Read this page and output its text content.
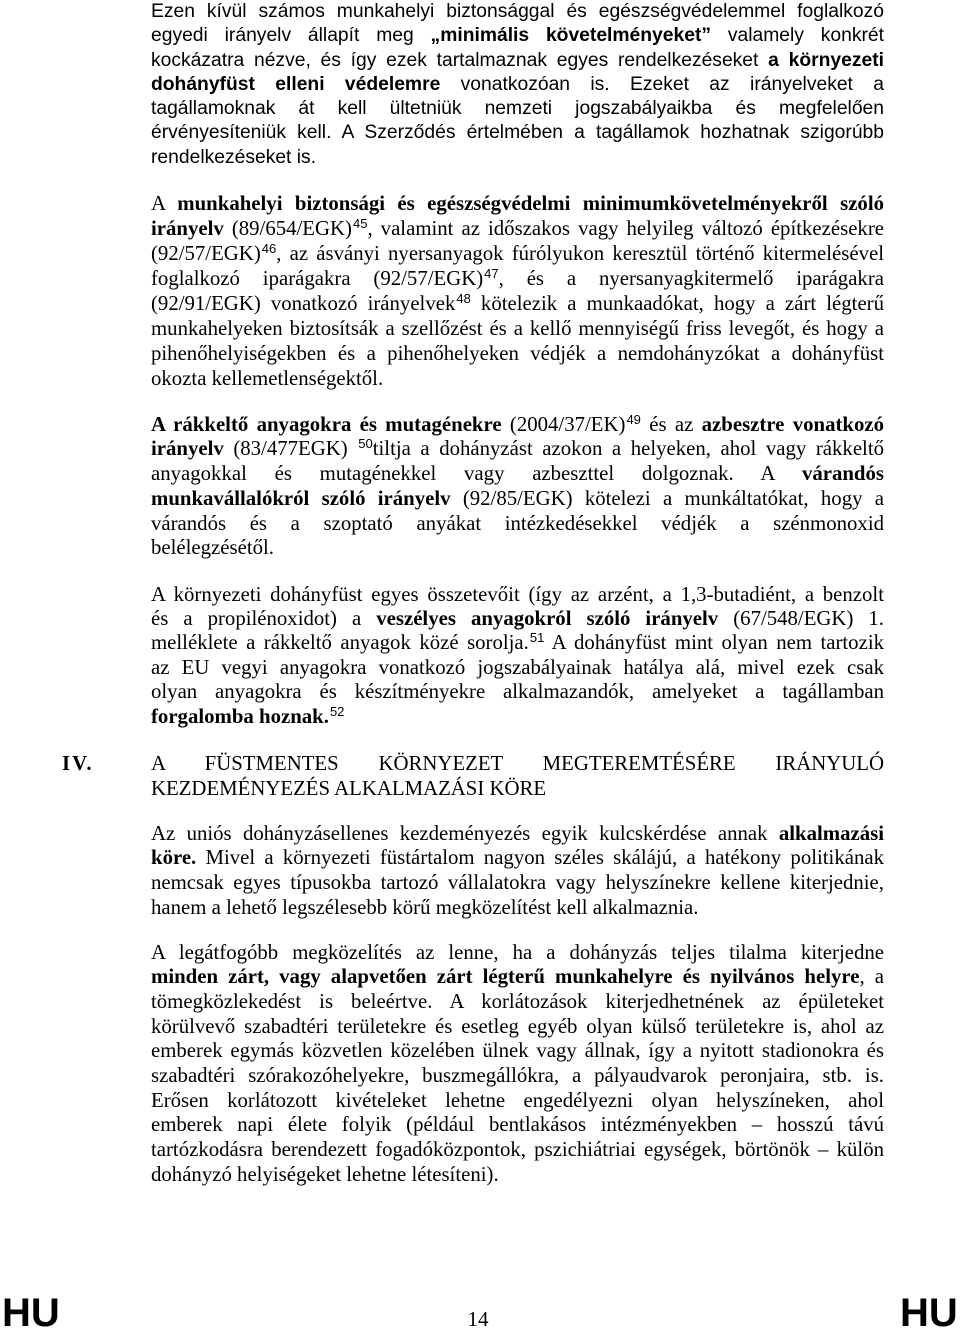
Ezen kívül számos munkahelyi biztonsággal és egészségvédelemmel foglalkozó
egyedi irányelv állapít meg „minimális követelményeket” valamely konkrét
kockázatra nézve, és így ezek tartalmaznak egyes rendelkezéseket a környezeti
dohányfüst elleni védelemre vonatkozóan is. Ezeket az irányelveket a
tagállamoknak át kell ültetniük nemzeti jogszabályaikba és megfelelően
érvényesíteniük kell. A Szerződés értelmében a tagállamok hozhatnak szigorúbb
rendelkezéseket is.
A munkahelyi biztonsági és egészségvédelmi minimumkövetelményekről szóló
irányelv $(89/654/EGK)^{45}$, valamint az időszakos vagy helyileg változó építkezésekre
$(92/57/EGK)^{46}$, az ásványi nyersanyagok fúrólyukon keresztül történő kitermelésével
foglalkozó iparágakra $(92/57/EGK)^{47}$, és a nyersanyagkitermelő iparágakra
(92/91/EGK) vonatkozó irányelvek$^{48}$ kötelezik a munkaadókat, hogy a zárt légterű
munkahelyeken biztosítsák a szellőzést és a kellő mennyiségű friss levegőt, és hogy a
pihenőhelyiségekben és a pihenőhelyeken védjék a nemdohányzókat a dohányfüst
okozta kellemetlenségektől.
A rákkeltő anyagokra és mutagénekre $(2004/37/EK)^{49}$ és az azbesztre vonatkozó
irányelv (83/477EGK) $^{50}$tiltja a dohányzást azokon a helyeken, ahol vagy rákkeltő
anyagokkal és mutagénekkel vagy azbeszttel dolgoznak. A várandós
munkavállalókról szóló irányelv (92/85/EGK) kötelezi a munkáltatókat, hogy a
várandós és a szoptató anyákat intézkedésekkel védjék a szénmonoxid
belélegzésétől.
A környezeti dohányfüst egyes összetevőit (így az arzént, a 1,3-butadiént, a benzolt
és a propilénoxidot) a veszélyes anyagokról szóló irányelv (67/548/EGK) 1.
melléklete a rákkeltő anyagok közé sorolja.$^{51}$ A dohányfüst mint olyan nem tartozik
az EU vegyi anyagokra vonatkozó jogszabályainak hatálya alá, mivel ezek csak
olyan anyagokra és készítményekre alkalmazandók, amelyeket a tagállamban
forgalomba hoznak.$^{52}$
IV.	A FÜSTMENTES KÖRNYEZET MEGTEREMTÉSÉRE IRÁNYULÓ
KEZDEMÉNYEZÉS ALKALMAZÁSI KÖRE
Az uniós dohányzásellenes kezdeményezés egyik kulcskérdése annak alkalmazási
köre. Mivel a környezeti füstártalom nagyon széles skálájú, a hatékony politikának
nemcsak egyes típusokba tartozó vállalatokra vagy helyszínekre kellene kiterjednie,
hanem a lehető legszélesebb körű megközelítést kell alkalmaznia.
A legátfogóbb megközelítés az lenne, ha a dohányzás teljes tilalma kiterjedne
minden zárt, vagy alapvetően zárt légterű munkahelyre és nyilvános helyre, a
tömegközlekedést is beleértve. A korlátozások kiterjedhetnének az épületeket
körülvevő szabadtéri területekre és esetleg egyéb olyan külső területekre is, ahol az
emberek egymás közvetlen közelében ülnek vagy állnak, így a nyitott stadionokra és
szabadtéri szórakozóhelyekre, buszmegállókra, a pályaudvarok peronjaira, stb. is.
Erősen korlátozott kivételeket lehetne engedélyezni olyan helyszíneken, ahol
emberek napi élete folyik (például bentlakásos intézményekben – hosszú távú
tartózkodásra berendezett fogadóközpontok, pszichiátriai egységek, börtönök – külön
dohányzó helyiségeket lehetne létesíteni).
HU	14	HU
